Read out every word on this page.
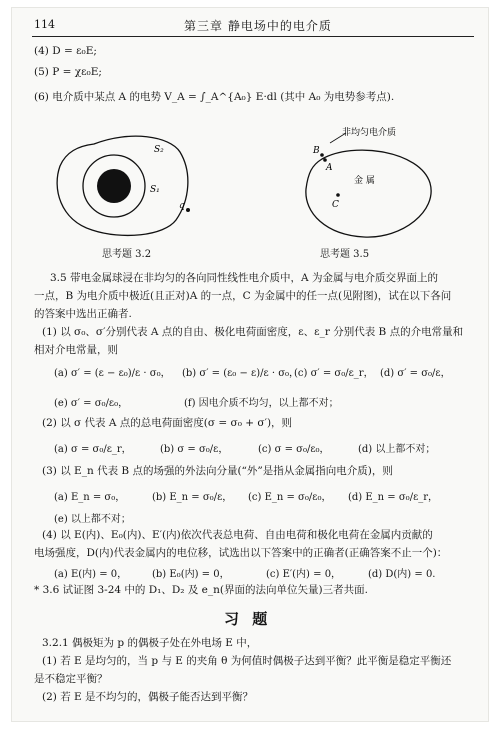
114	第三章 静电场中的电介质
(4) D = ε₀E;
(5) P = χε₀E;
(6) 电介质中某点 A 的电势 V_A = ∫_A^{A₀} E·dl (其中 A₀ 为电势参考点).
S₂
S₁
q
思考题 3.2
非均匀电介质
B
A
金 属
C
思考题 3.5
3.5 带电金属球浸在非均匀的各向同性线性电介质中，A 为金属与电介质交界面上的
一点，B 为电介质中极近(且正对)A 的一点，C 为金属中的任一点(见附图)，试在以下各问
的答案中选出正确者.
(1) 以 σ₀、σ′分别代表 A 点的自由、极化电荷面密度，ε、ε_r 分别代表 B 点的介电常量和
相对介电常量，则
(a) σ′ = (ε − ε₀)/ε · σ₀， (b) σ′ = (ε₀ − ε)/ε · σ₀，
(c) σ′ = σ₀/ε_r， (d) σ′ = σ₀/ε，
(e) σ′ = σ₀/ε₀，	(f) 因电介质不均匀，以上都不对；
(2) 以 σ 代表 A 点的总电荷面密度(σ = σ₀ + σ′)，则
(a) σ = σ₀/ε_r，	(b) σ = σ₀/ε，	(c) σ = σ₀/ε₀，	(d) 以上都不对；
(3) 以 E_n 代表 B 点的场强的外法向分量(“外”是指从金属指向电介质)，则
(a) E_n = σ₀，	(b) E_n = σ₀/ε， (c) E_n = σ₀/ε₀， (d) E_n = σ₀/ε_r，
(e) 以上都不对；
(4) 以 E(内)、E₀(内)、E′(内)依次代表总电荷、自由电荷和极化电荷在金属内贡献的
电场强度，D(内)代表金属内的电位移，试选出以下答案中的正确者(正确答案不止一个)：
(a) E(内) = 0， (b) E₀(内) = 0，	(c) E′(内) = 0，	(d) D(内) = 0.
* 3.6 试证图 3-24 中的 D₁、D₂ 及 e_n(界面的法向单位矢量)三者共面.
习 题
3.2.1 偶极矩为 p 的偶极子处在外电场 E 中，
(1) 若 E 是均匀的，当 p 与 E 的夹角 θ 为何值时偶极子达到平衡？此平衡是稳定平衡还
是不稳定平衡？
(2) 若 E 是不均匀的，偶极子能否达到平衡？
